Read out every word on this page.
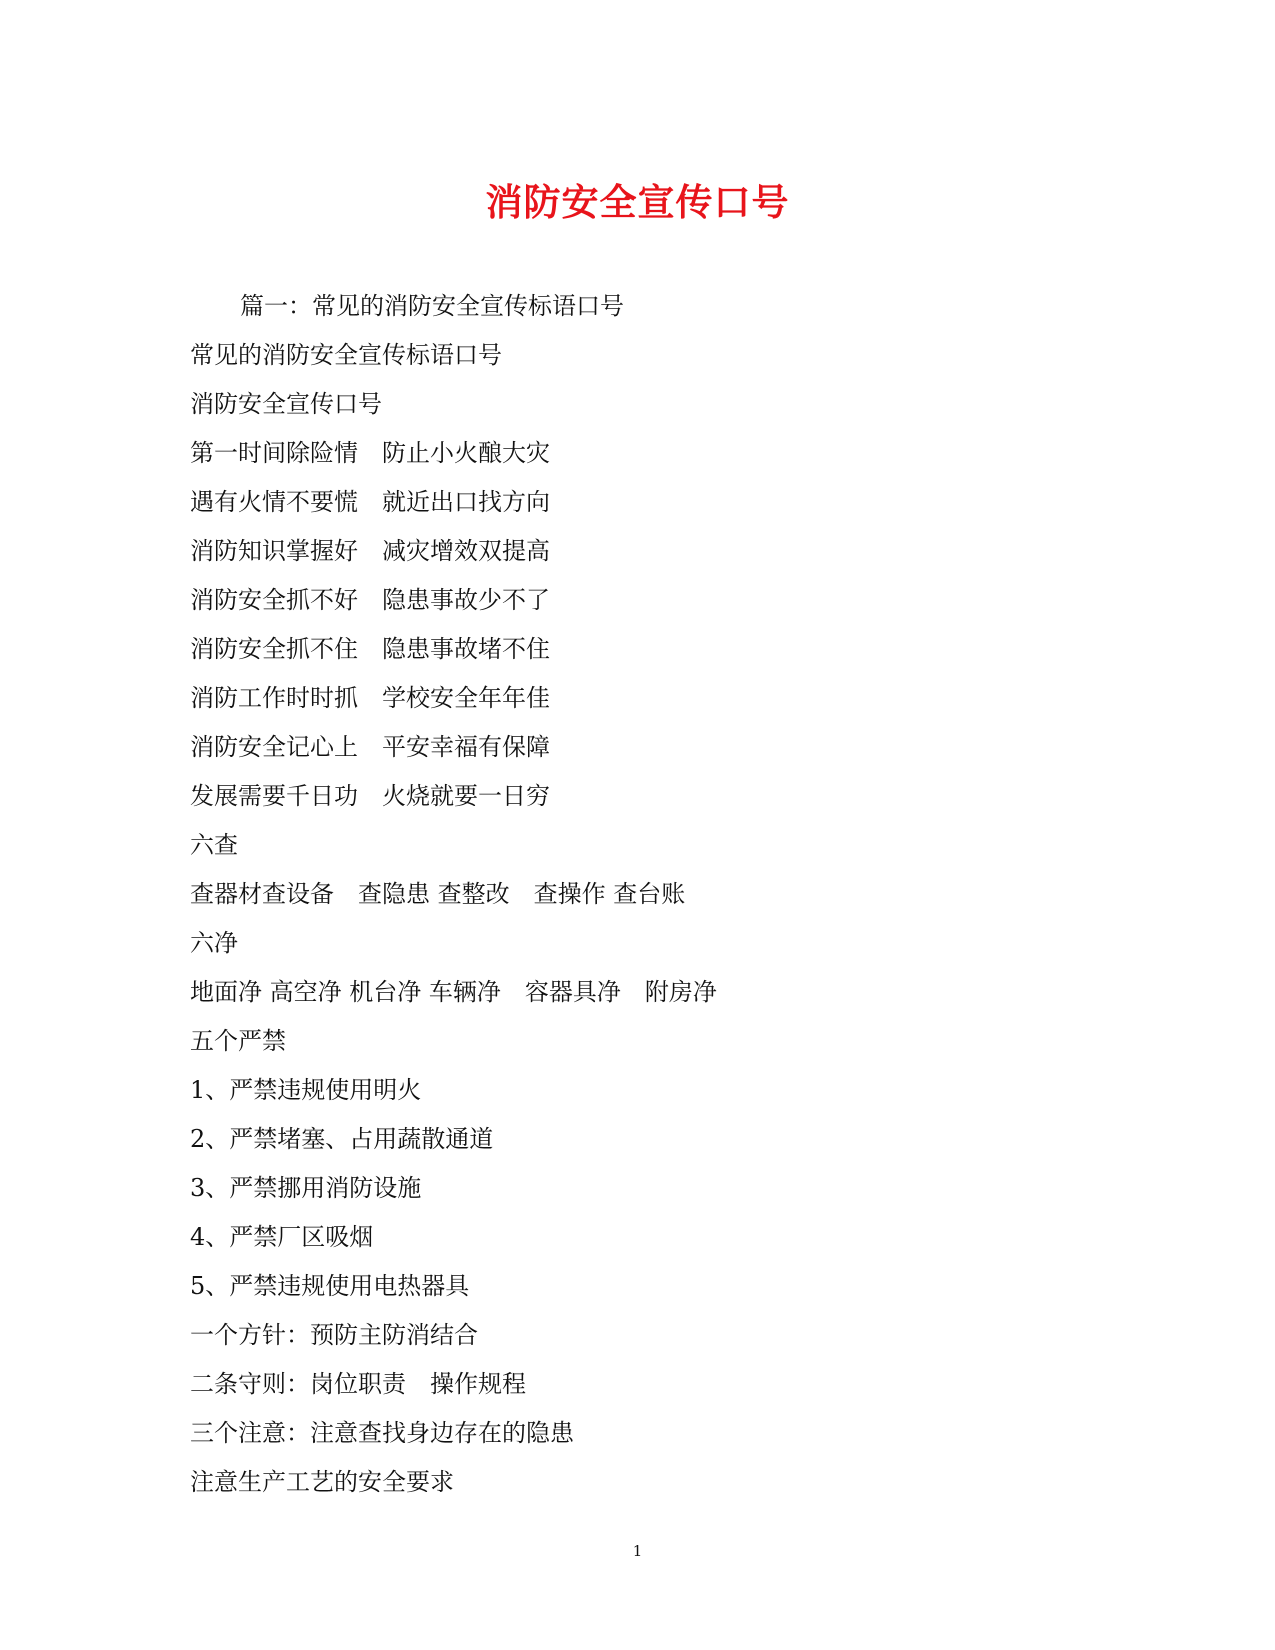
消防安全宣传口号

篇一：常见的消防安全宣传标语口号

常见的消防安全宣传标语口号

消防安全宣传口号

第一时间除险情　防止小火酿大灾

遇有火情不要慌　就近出口找方向

消防知识掌握好　减灾增效双提高

消防安全抓不好　隐患事故少不了

消防安全抓不住　隐患事故堵不住

消防工作时时抓　学校安全年年佳

消防安全记心上　平安幸福有保障

发展需要千日功　火烧就要一日穷

六查

查器材查设备　查隐患 查整改　查操作 查台账

六净

地面净 高空净 机台净 车辆净　容器具净　附房净

五个严禁

1、严禁违规使用明火

2、严禁堵塞、占用蔬散通道

3、严禁挪用消防设施

4、严禁厂区吸烟

5、严禁违规使用电热器具

一个方针：预防主防消结合

二条守则：岗位职责　操作规程

三个注意：注意查找身边存在的隐患

注意生产工艺的安全要求

1
